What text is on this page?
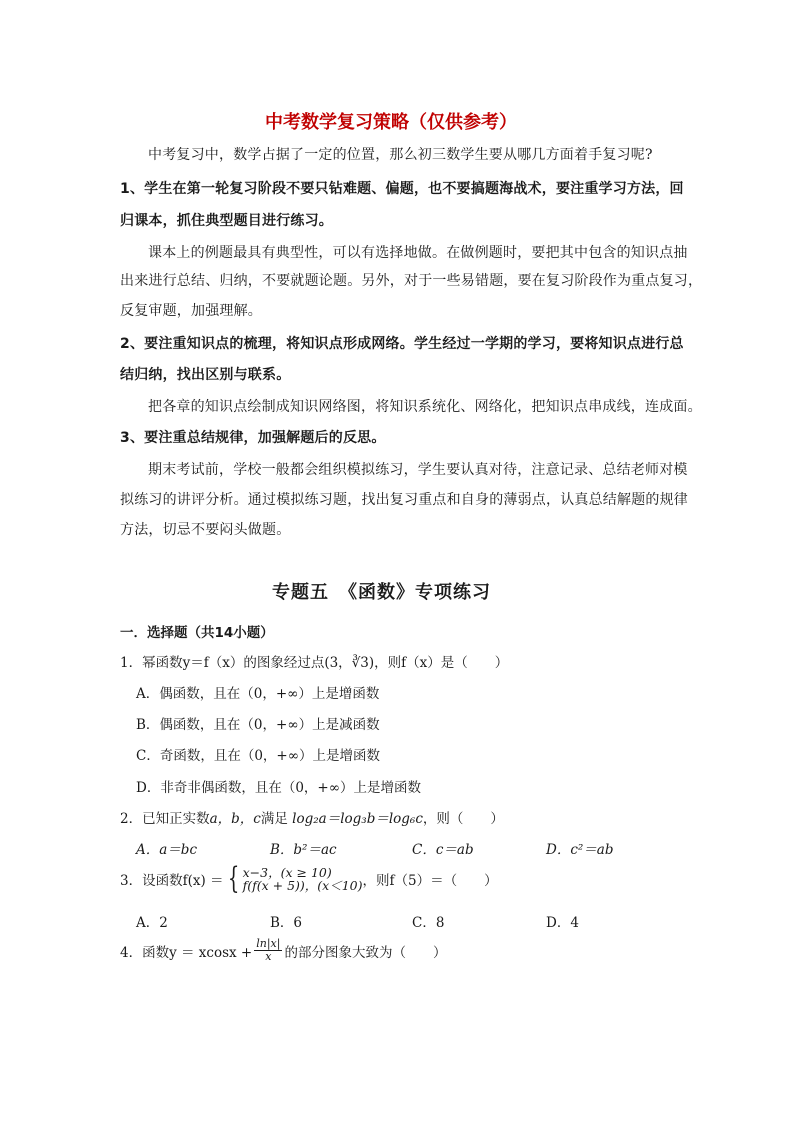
中考数学复习策略（仅供参考）
中考复习中，数学占据了一定的位置，那么初三数学生要从哪几方面着手复习呢?
1、学生在第一轮复习阶段不要只钻难题、偏题，也不要搞题海战术，要注重学习方法，回
归课本，抓住典型题目进行练习。
课本上的例题最具有典型性，可以有选择地做。在做例题时，要把其中包含的知识点抽
出来进行总结、归纳，不要就题论题。另外，对于一些易错题，要在复习阶段作为重点复习，
反复审题，加强理解。
2、要注重知识点的梳理，将知识点形成网络。学生经过一学期的学习，要将知识点进行总
结归纳，找出区别与联系。
把各章的知识点绘制成知识网络图，将知识系统化、网络化，把知识点串成线，连成面。
3、要注重总结规律，加强解题后的反思。
期末考试前，学校一般都会组织模拟练习，学生要认真对待，注意记录、总结老师对模
拟练习的讲评分析。通过模拟练习题，找出复习重点和自身的薄弱点，认真总结解题的规律
方法，切忌不要闷头做题。
专题五　《函数》专项练习
一．选择题（共14小题）
1．幂函数y＝f（x）的图象经过点(3，∛3)，则f（x）是（　　）
A．偶函数，且在（0，+∞）上是增函数
B．偶函数，且在（0，+∞）上是减函数
C．奇函数，且在（0，+∞）上是增函数
D．非奇非偶函数，且在（0，+∞）上是增函数
2．已知正实数a，b，c满足 log₂a＝log₃b＝log₆c，则（　　）
A．a＝bc	B．b²＝ac	C．c＝ab	D．c²＝ab
3．设函数f(x) ＝ { x−3，(x ≥ 10)
f(f(x + 5))，(x＜10) ，则f（5）＝（　　）
A．2	B．6	C．8	D．4
4．函数$y = xcosx + \frac{\ln|x|}{x}$ 的部分图象大致为（　　）
